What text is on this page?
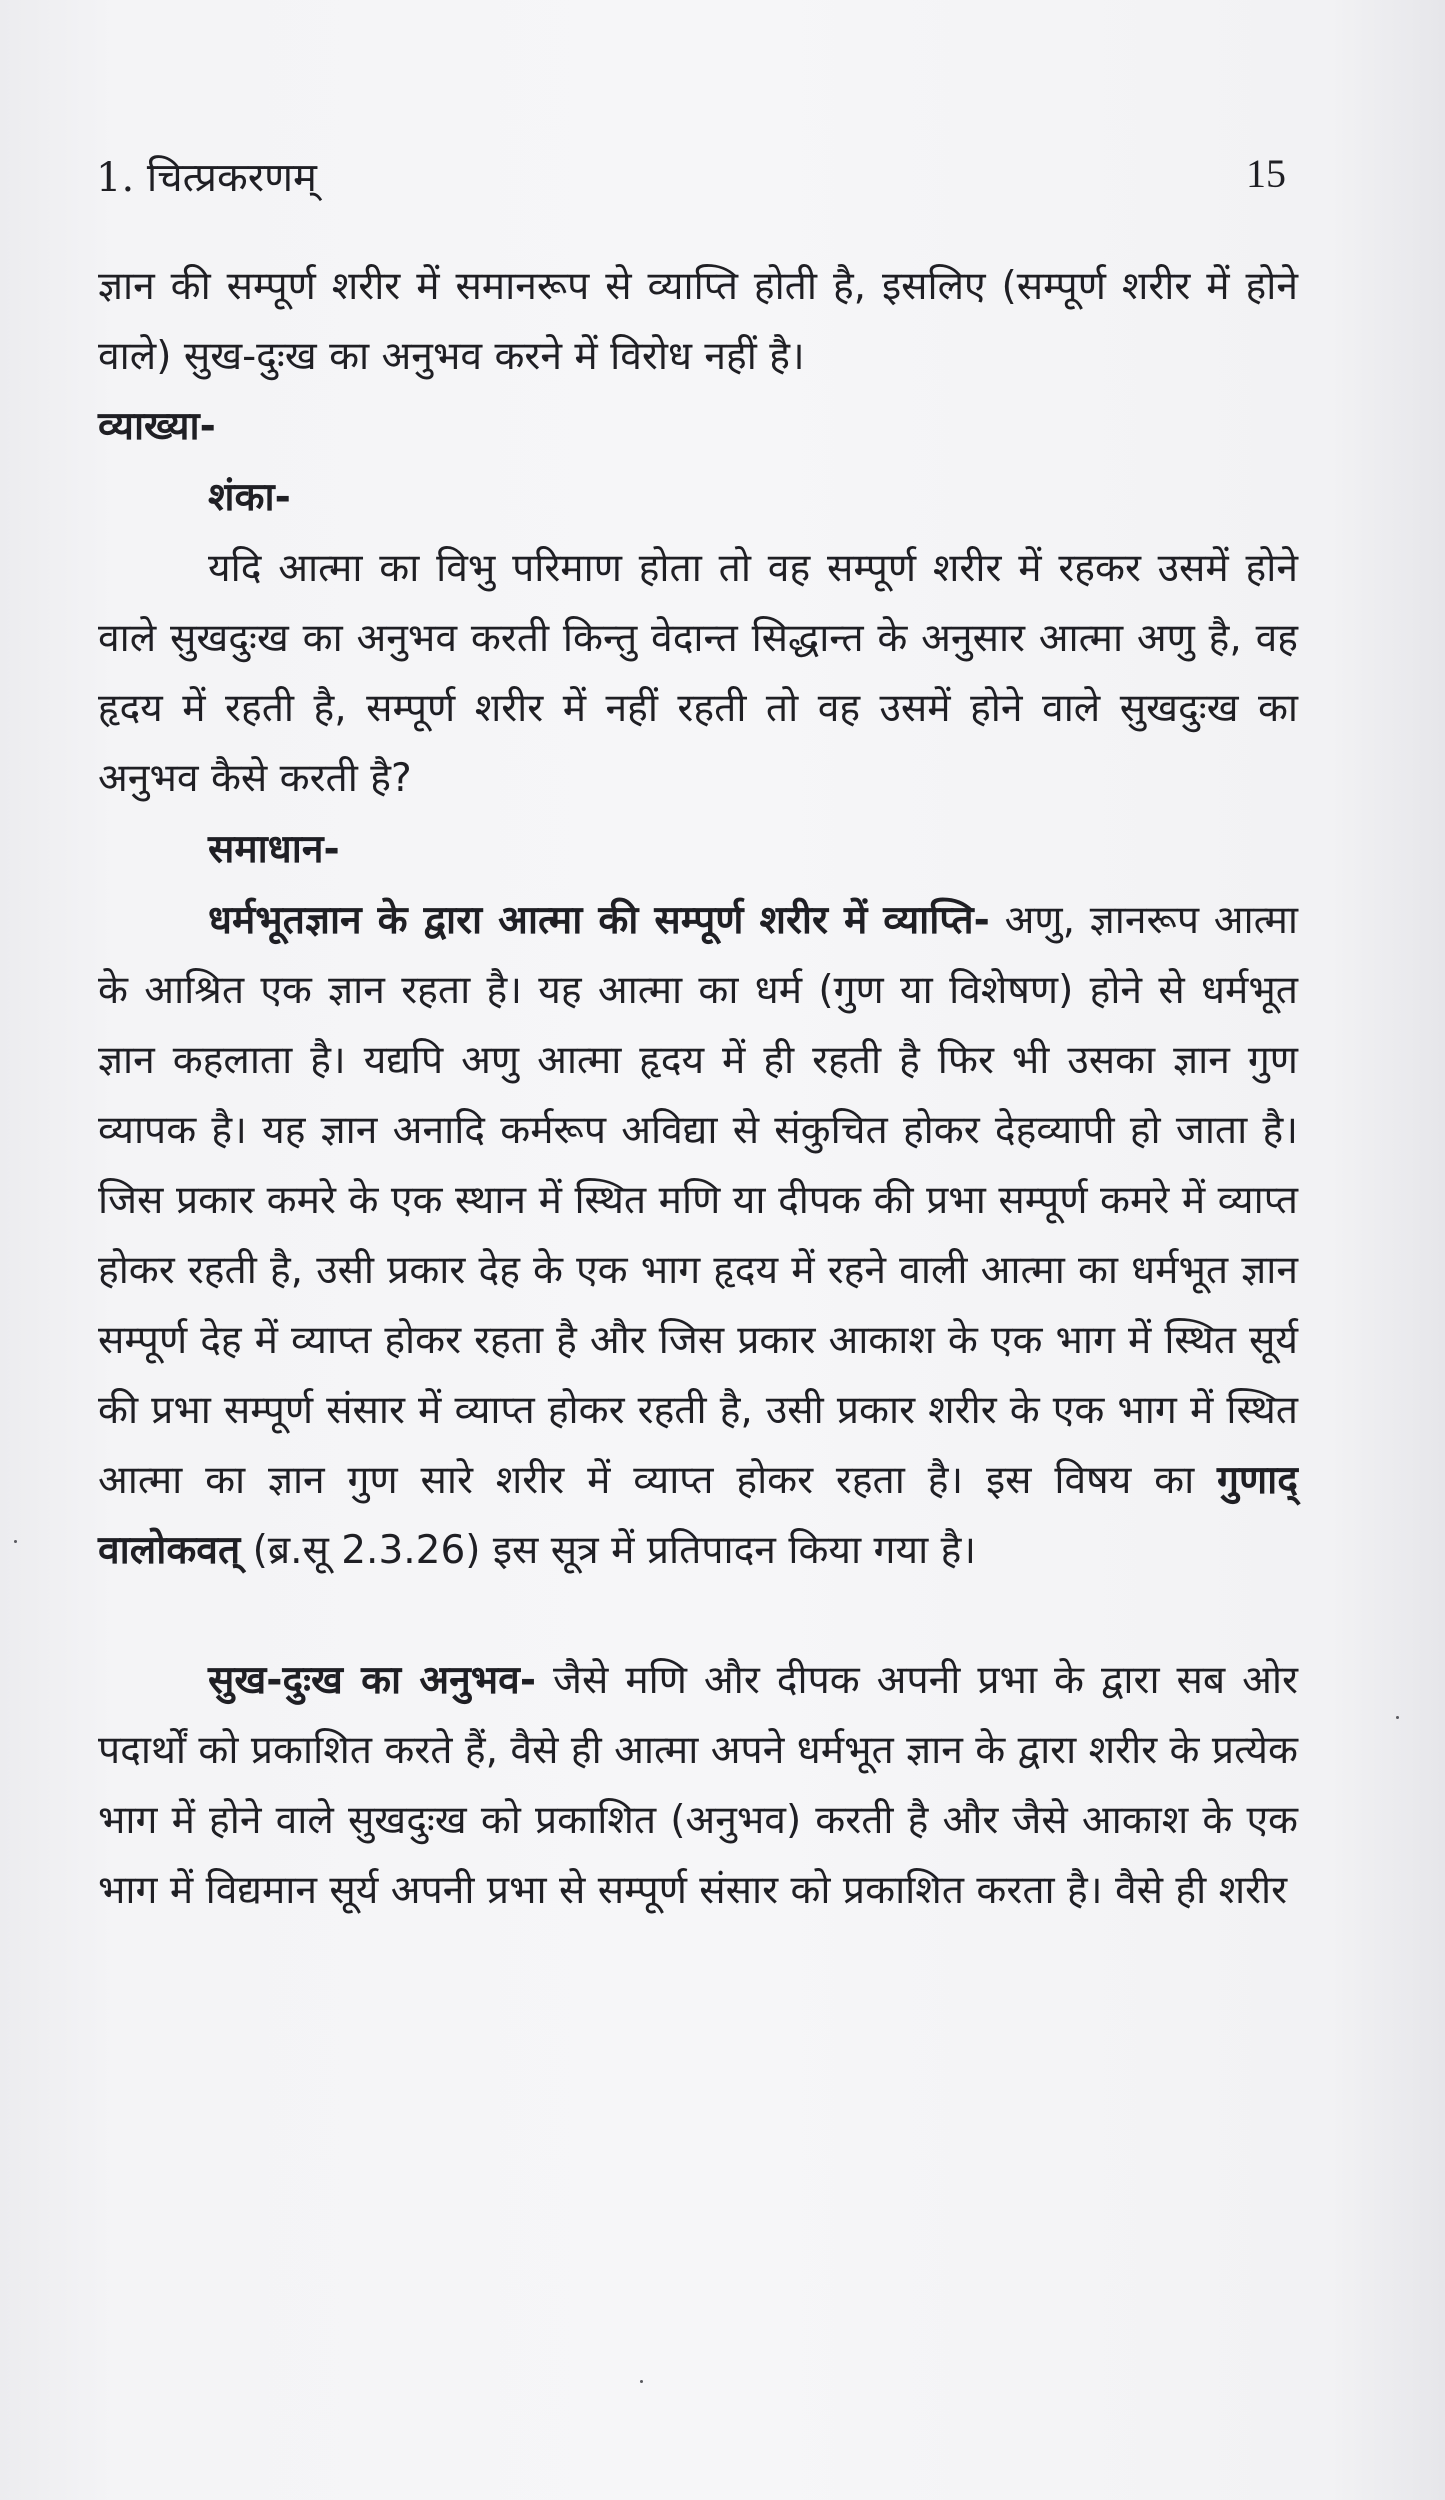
1. चित्प्रकरणम्	15

ज्ञान की सम्पूर्ण शरीर में समानरूप से व्याप्ति होती है, इसलिए (सम्पूर्ण शरीर में होने वाले) सुख-दुःख का अनुभव करने में विरोध नहीं है।

व्याख्या-

शंका-

यदि आत्मा का विभु परिमाण होता तो वह सम्पूर्ण शरीर में रहकर उसमें होने वाले सुखदुःख का अनुभव करती किन्तु वेदान्त सिद्धान्त के अनुसार आत्मा अणु है, वह हृदय में रहती है, सम्पूर्ण शरीर में नहीं रहती तो वह उसमें होने वाले सुखदुःख का अनुभव कैसे करती है?

समाधान-

धर्मभूतज्ञान के द्वारा आत्मा की सम्पूर्ण शरीर में व्याप्ति- अणु, ज्ञानरूप आत्मा के आश्रित एक ज्ञान रहता है। यह आत्मा का धर्म (गुण या विशेषण) होने से धर्मभूत ज्ञान कहलाता है। यद्यपि अणु आत्मा हृदय में ही रहती है फिर भी उसका ज्ञान गुण व्यापक है। यह ज्ञान अनादि कर्मरूप अविद्या से संकुचित होकर देहव्यापी हो जाता है। जिस प्रकार कमरे के एक स्थान में स्थित मणि या दीपक की प्रभा सम्पूर्ण कमरे में व्याप्त होकर रहती है, उसी प्रकार देह के एक भाग हृदय में रहने वाली आत्मा का धर्मभूत ज्ञान सम्पूर्ण देह में व्याप्त होकर रहता है और जिस प्रकार आकाश के एक भाग में स्थित सूर्य की प्रभा सम्पूर्ण संसार में व्याप्त होकर रहती है, उसी प्रकार शरीर के एक भाग में स्थित आत्मा का ज्ञान गुण सारे शरीर में व्याप्त होकर रहता है। इस विषय का गुणाद् वालोकवत् (ब्र.सू 2.3.26) इस सूत्र में प्रतिपादन किया गया है।

सुख-दुःख का अनुभव- जैसे मणि और दीपक अपनी प्रभा के द्वारा सब ओर पदार्थों को प्रकाशित करते हैं, वैसे ही आत्मा अपने धर्मभूत ज्ञान के द्वारा शरीर के प्रत्येक भाग में होने वाले सुखदुःख को प्रकाशित (अनुभव) करती है और जैसे आकाश के एक भाग में विद्यमान सूर्य अपनी प्रभा से सम्पूर्ण संसार को प्रकाशित करता है। वैसे ही शरीर
